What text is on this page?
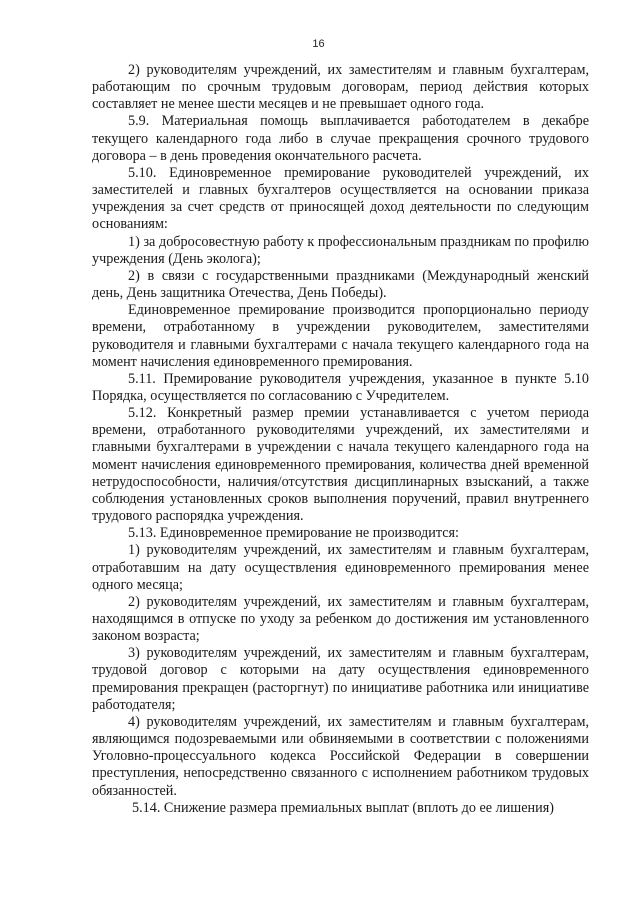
16

2) руководителям учреждений, их заместителям и главным бухгалтерам, работающим по срочным трудовым договорам, период действия которых составляет не менее шести месяцев и не превышает одного года.

5.9. Материальная помощь выплачивается работодателем в декабре текущего календарного года либо в случае прекращения срочного трудового договора – в день проведения окончательного расчета.

5.10. Единовременное премирование руководителей учреждений, их заместителей и главных бухгалтеров осуществляется на основании приказа учреждения за счет средств от приносящей доход деятельности по следующим основаниям:

1) за добросовестную работу к профессиональным праздникам по профилю учреждения (День эколога);

2) в связи с государственными праздниками (Международный женский день, День защитника Отечества, День Победы).

Единовременное премирование производится пропорционально периоду времени, отработанному в учреждении руководителем, заместителями руководителя и главными бухгалтерами с начала текущего календарного года на момент начисления единовременного премирования.

5.11. Премирование руководителя учреждения, указанное в пункте 5.10 Порядка, осуществляется по согласованию с Учредителем.

5.12. Конкретный размер премии устанавливается с учетом периода времени, отработанного руководителями учреждений, их заместителями и главными бухгалтерами в учреждении с начала текущего календарного года на момент начисления единовременного премирования, количества дней временной нетрудоспособности, наличия/отсутствия дисциплинарных взысканий, а также соблюдения установленных сроков выполнения поручений, правил внутреннего трудового распорядка учреждения.

5.13. Единовременное премирование не производится:

1) руководителям учреждений, их заместителям и главным бухгалтерам, отработавшим на дату осуществления единовременного премирования менее одного месяца;

2) руководителям учреждений, их заместителям и главным бухгалтерам, находящимся в отпуске по уходу за ребенком до достижения им установленного законом возраста;

3) руководителям учреждений, их заместителям и главным бухгалтерам, трудовой договор с которыми на дату осуществления единовременного премирования прекращен (расторгнут) по инициативе работника или инициативе работодателя;

4) руководителям учреждений, их заместителям и главным бухгалтерам, являющимся подозреваемыми или обвиняемыми в соответствии с положениями Уголовно-процессуального кодекса Российской Федерации в совершении преступления, непосредственно связанного с исполнением работником трудовых обязанностей.

5.14. Снижение размера премиальных выплат (вплоть до ее лишения)
